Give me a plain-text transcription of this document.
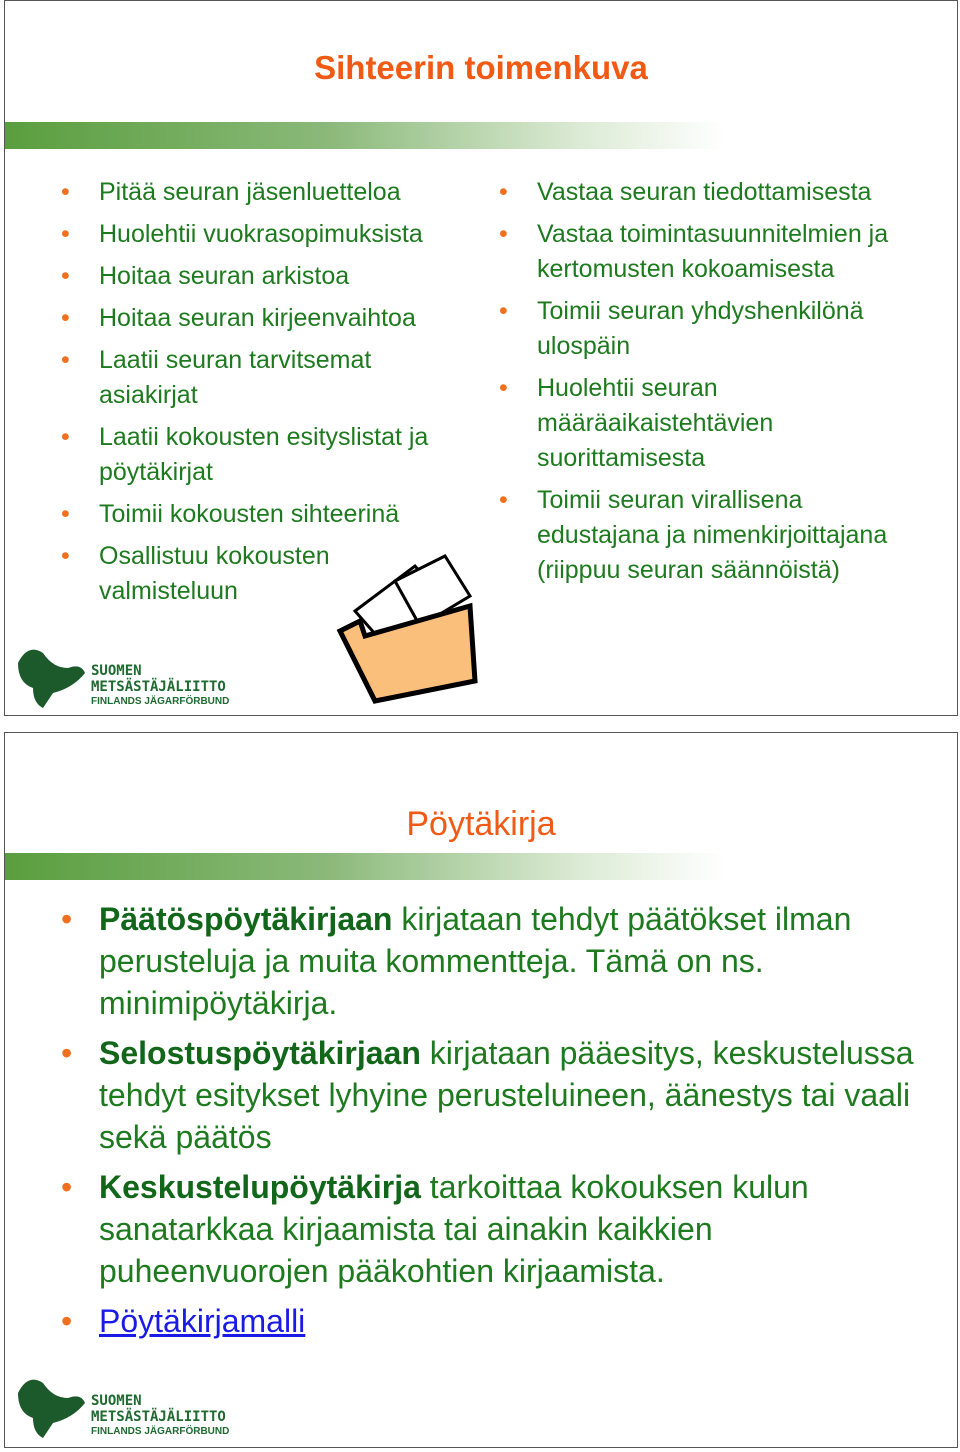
Sihteerin toimenkuva
• Pitää seuran jäsenluetteloa
• Huolehtii vuokrasopimuksista
• Hoitaa seuran arkistoa
• Hoitaa seuran kirjeenvaihtoa
• Laatii seuran tarvitsemat asiakirjat
• Laatii kokousten esityslistat ja pöytäkirjat
• Toimii kokousten sihteerinä
• Osallistuu kokousten valmisteluun
• Vastaa seuran tiedottamisesta
• Vastaa toimintasuunnitelmien ja kertomusten kokoamisesta
• Toimii seuran yhdyshenkilönä ulospäin
• Huolehtii seuran määräaikaistehtävien suorittamisesta
• Toimii seuran virallisena edustajana ja nimenkirjoittajana (riippuu seuran säännöistä)
SUOMEN
METSÄSTÄJÄLIITTO
FINLANDS JÄGARFÖRBUND
Pöytäkirja
• Päätöspöytäkirjaan kirjataan tehdyt päätökset ilman perusteluja ja muita kommentteja. Tämä on ns. minimipöytäkirja.
• Selostuspöytäkirjaan kirjataan pääesitys, keskustelussa tehdyt esitykset lyhyine perusteluineen, äänestys tai vaali sekä päätös
• Keskustelupöytäkirja tarkoittaa kokouksen kulun sanatarkkaa kirjaamista tai ainakin kaikkien puheenvuorojen pääkohtien kirjaamista.
• Pöytäkirjamalli
SUOMEN
METSÄSTÄJÄLIITTO
FINLANDS JÄGARFÖRBUND
